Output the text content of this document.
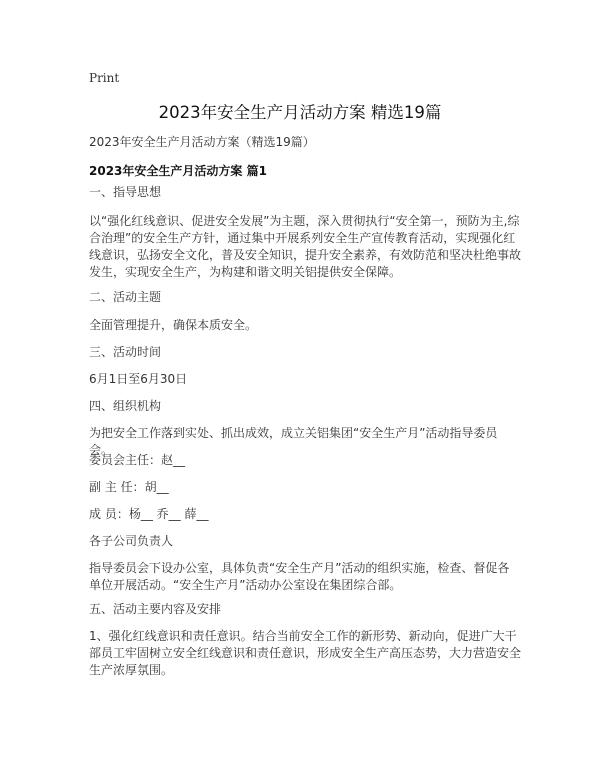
Print
2023年安全生产月活动方案 精选19篇
2023年安全生产月活动方案（精选19篇）
2023年安全生产月活动方案 篇1

一、指导思想

以“强化红线意识、促进安全发展”为主题，深入贯彻执行“安全第一，预防为主,综合治理”的安全生产方针，通过集中开展系列安全生产宣传教育活动，实现强化红线意识，弘扬安全文化，普及安全知识，提升安全素养，有效防范和坚决杜绝事故发生，实现安全生产，为构建和谐文明关铝提供安全保障。

二、活动主题

全面管理提升，确保本质安全。

三、活动时间

6月1日至6月30日

四、组织机构

为把安全工作落到实处、抓出成效，成立关铝集团“安全生产月”活动指导委员会。

委员会主任：赵__

副 主 任：胡__

成 员：杨__ 乔__ 薛__

各子公司负责人

指导委员会下设办公室，具体负责“安全生产月”活动的组织实施，检查、督促各单位开展活动。“安全生产月”活动办公室设在集团综合部。

五、活动主要内容及安排

1、强化红线意识和责任意识。结合当前安全工作的新形势、新动向，促进广大干部员工牢固树立安全红线意识和责任意识，形成安全生产高压态势，大力营造安全生产浓厚氛围。
